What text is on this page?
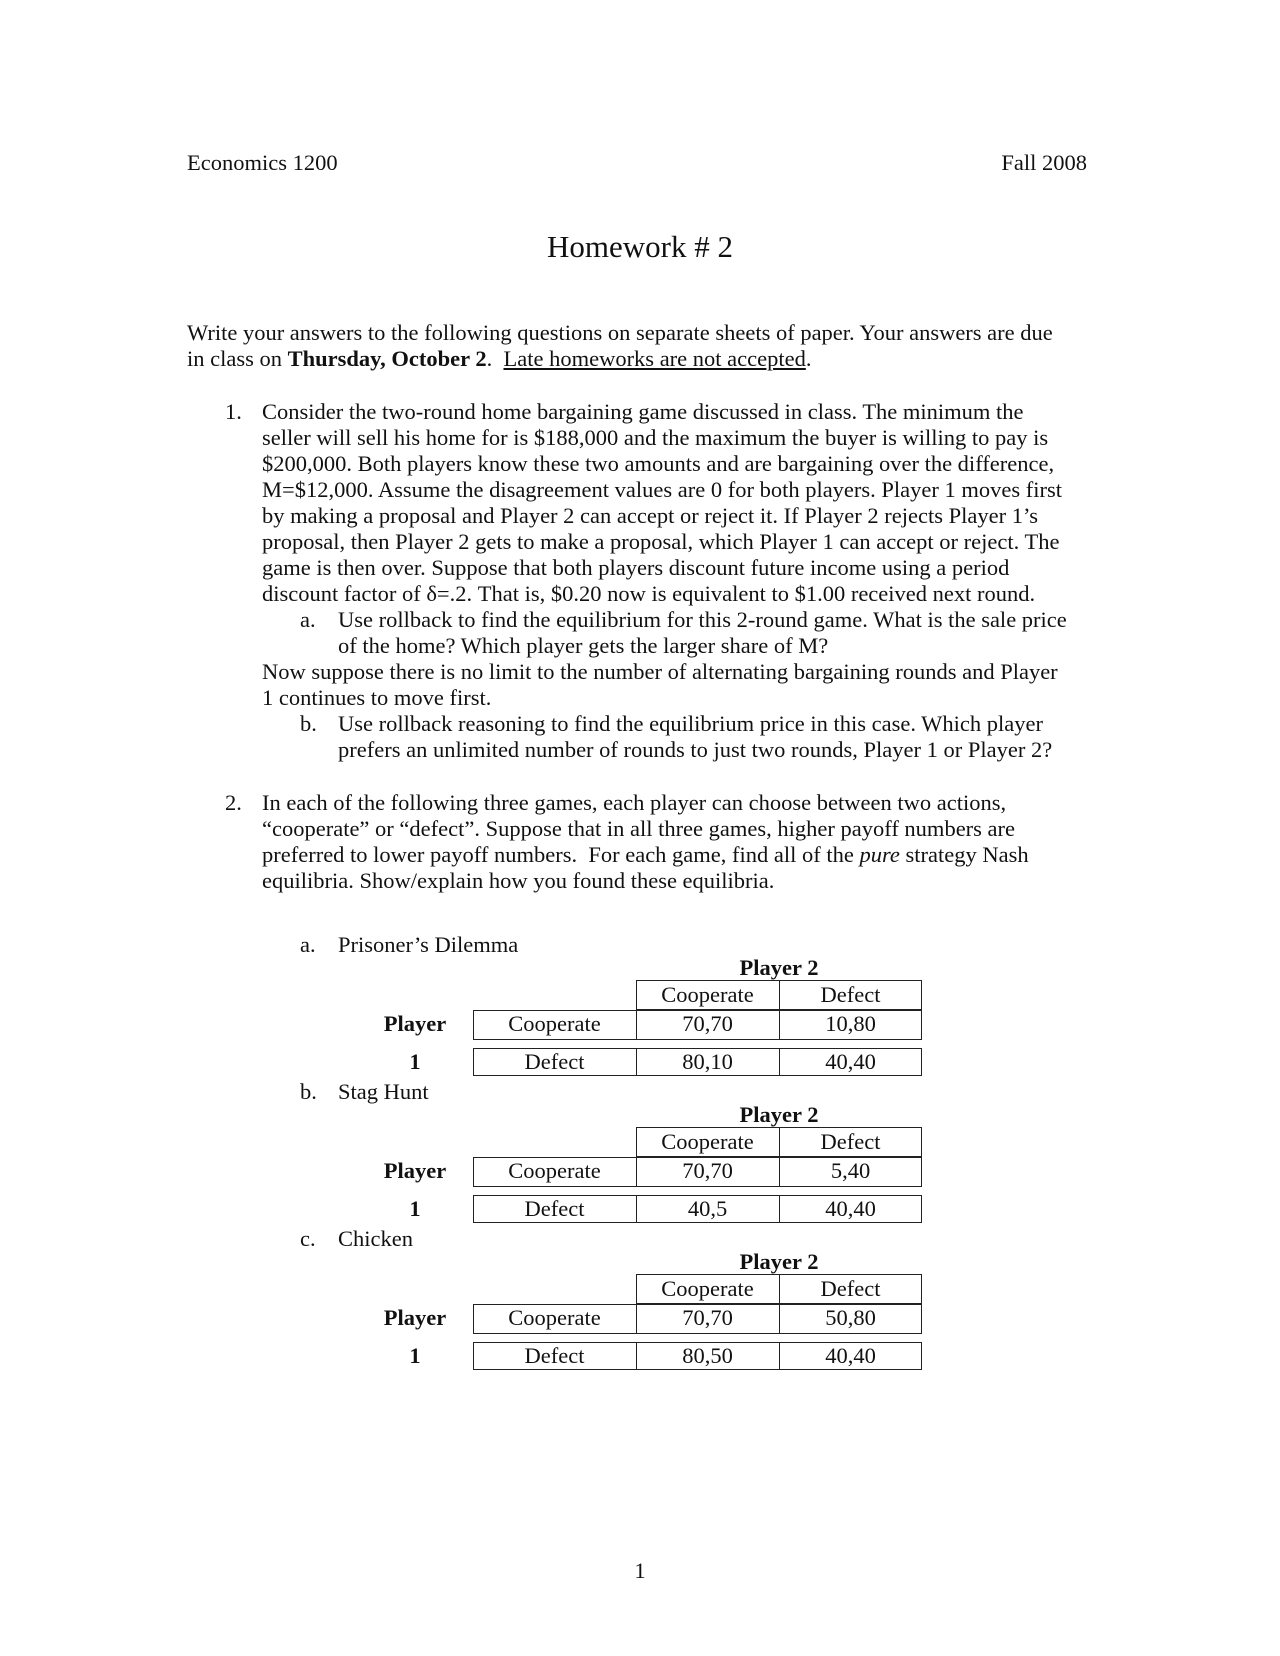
Economics 1200	Fall 2008
Homework # 2
Write your answers to the following questions on separate sheets of paper. Your answers are due
in class on Thursday, October 2.  Late homeworks are not accepted.
1. Consider the two-round home bargaining game discussed in class. The minimum the
seller will sell his home for is $188,000 and the maximum the buyer is willing to pay is
$200,000. Both players know these two amounts and are bargaining over the difference,
M=$12,000. Assume the disagreement values are 0 for both players. Player 1 moves first
by making a proposal and Player 2 can accept or reject it. If Player 2 rejects Player 1’s
proposal, then Player 2 gets to make a proposal, which Player 1 can accept or reject. The
game is then over. Suppose that both players discount future income using a period
discount factor of δ=.2. That is, $0.20 now is equivalent to $1.00 received next round.
a. Use rollback to find the equilibrium for this 2-round game. What is the sale price
of the home? Which player gets the larger share of M?
Now suppose there is no limit to the number of alternating bargaining rounds and Player
1 continues to move first.
b. Use rollback reasoning to find the equilibrium price in this case. Which player
prefers an unlimited number of rounds to just two rounds, Player 1 or Player 2?
2. In each of the following three games, each player can choose between two actions,
“cooperate” or “defect”. Suppose that in all three games, higher payoff numbers are
preferred to lower payoff numbers.  For each game, find all of the pure strategy Nash
equilibria. Show/explain how you found these equilibria.
a. Prisoner’s Dilemma
Player 2
Cooperate	Defect
Player
1
Cooperate	70,70	10,80
Defect	80,10	40,40
b. Stag Hunt
Player 2
Cooperate	Defect
Player
1
Cooperate	70,70	5,40
Defect	40,5	40,40
c. Chicken
Player 2
Cooperate	Defect
Player
1
Cooperate	70,70	50,80
Defect	80,50	40,40
1
